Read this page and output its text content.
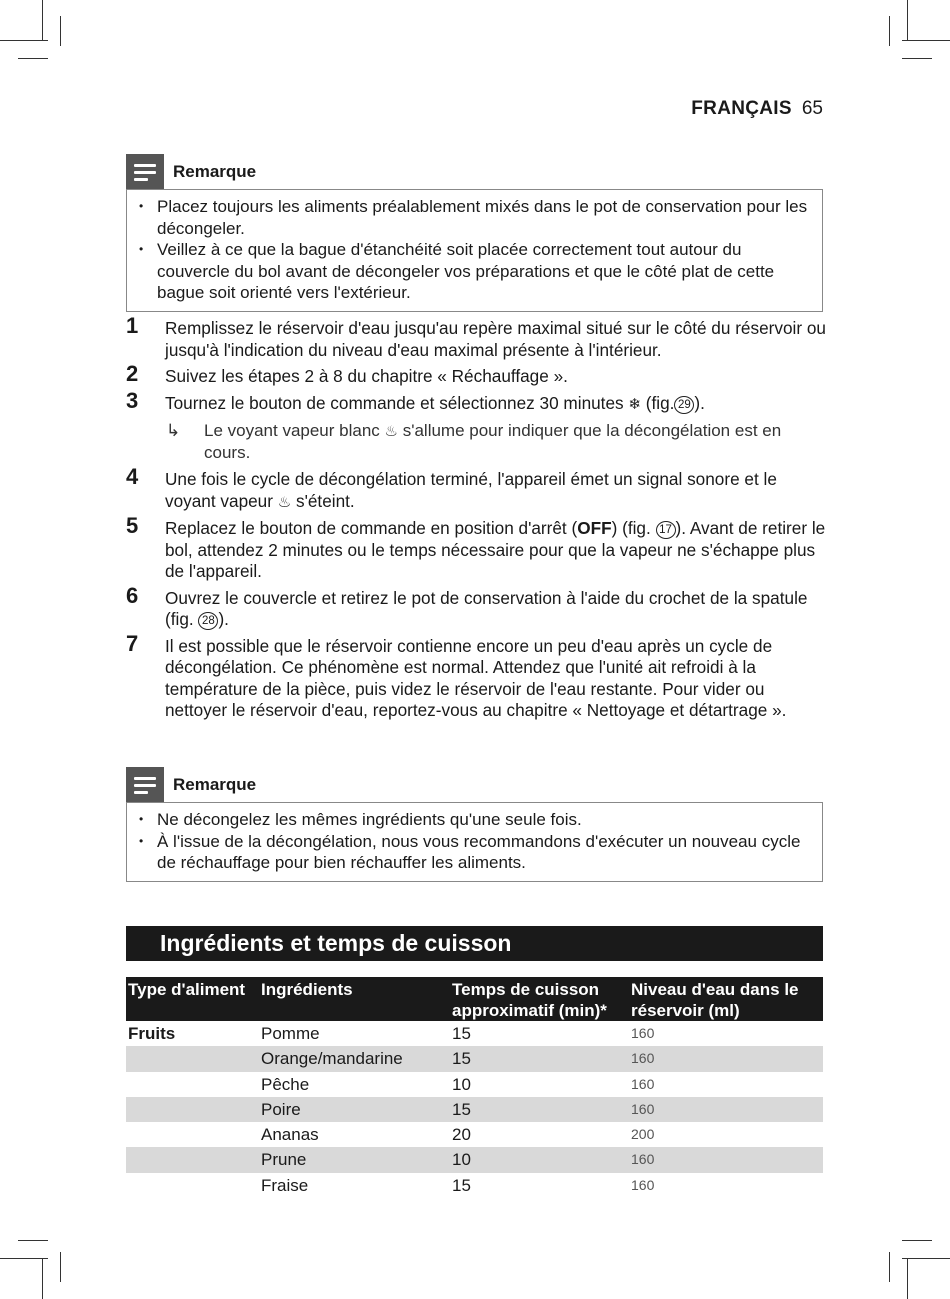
FRANÇAIS 65
Remarque
• Placez toujours les aliments préalablement mixés dans le pot de conservation pour les décongeler.
• Veillez à ce que la bague d'étanchéité soit placée correctement tout autour du couvercle du bol avant de décongeler vos préparations et que le côté plat de cette bague soit orienté vers l'extérieur.
1 Remplissez le réservoir d'eau jusqu'au repère maximal situé sur le côté du réservoir ou jusqu'à l'indication du niveau d'eau maximal présente à l'intérieur.
2 Suivez les étapes 2 à 8 du chapitre « Réchauffage ».
3 Tournez le bouton de commande et sélectionnez 30 minutes ❄ (fig. 29 ).
↳ Le voyant vapeur blanc ♨ s'allume pour indiquer que la décongélation est en cours.
4 Une fois le cycle de décongélation terminé, l'appareil émet un signal sonore et le voyant vapeur ♨ s'éteint.
5 Replacez le bouton de commande en position d'arrêt (OFF) (fig. 17 ). Avant de retirer le bol, attendez 2 minutes ou le temps nécessaire pour que la vapeur ne s'échappe plus de l'appareil.
6 Ouvrez le couvercle et retirez le pot de conservation à l'aide du crochet de la spatule (fig. 28 ).
7 Il est possible que le réservoir contienne encore un peu d'eau après un cycle de décongélation. Ce phénomène est normal. Attendez que l'unité ait refroidi à la température de la pièce, puis videz le réservoir de l'eau restante. Pour vider ou nettoyer le réservoir d'eau, reportez-vous au chapitre « Nettoyage et détartrage ».
Remarque
• Ne décongelez les mêmes ingrédients qu'une seule fois.
• À l'issue de la décongélation, nous vous recommandons d'exécuter un nouveau cycle de réchauffage pour bien réchauffer les aliments.
Ingrédients et temps de cuisson
Type d'aliment	Ingrédients	Temps de cuisson approximatif (min)*	Niveau d'eau dans le réservoir (ml)
Fruits	Pomme	15	160
	Orange/mandarine	15	160
	Pêche	10	160
	Poire	15	160
	Ananas	20	200
	Prune	10	160
	Fraise	15	160
